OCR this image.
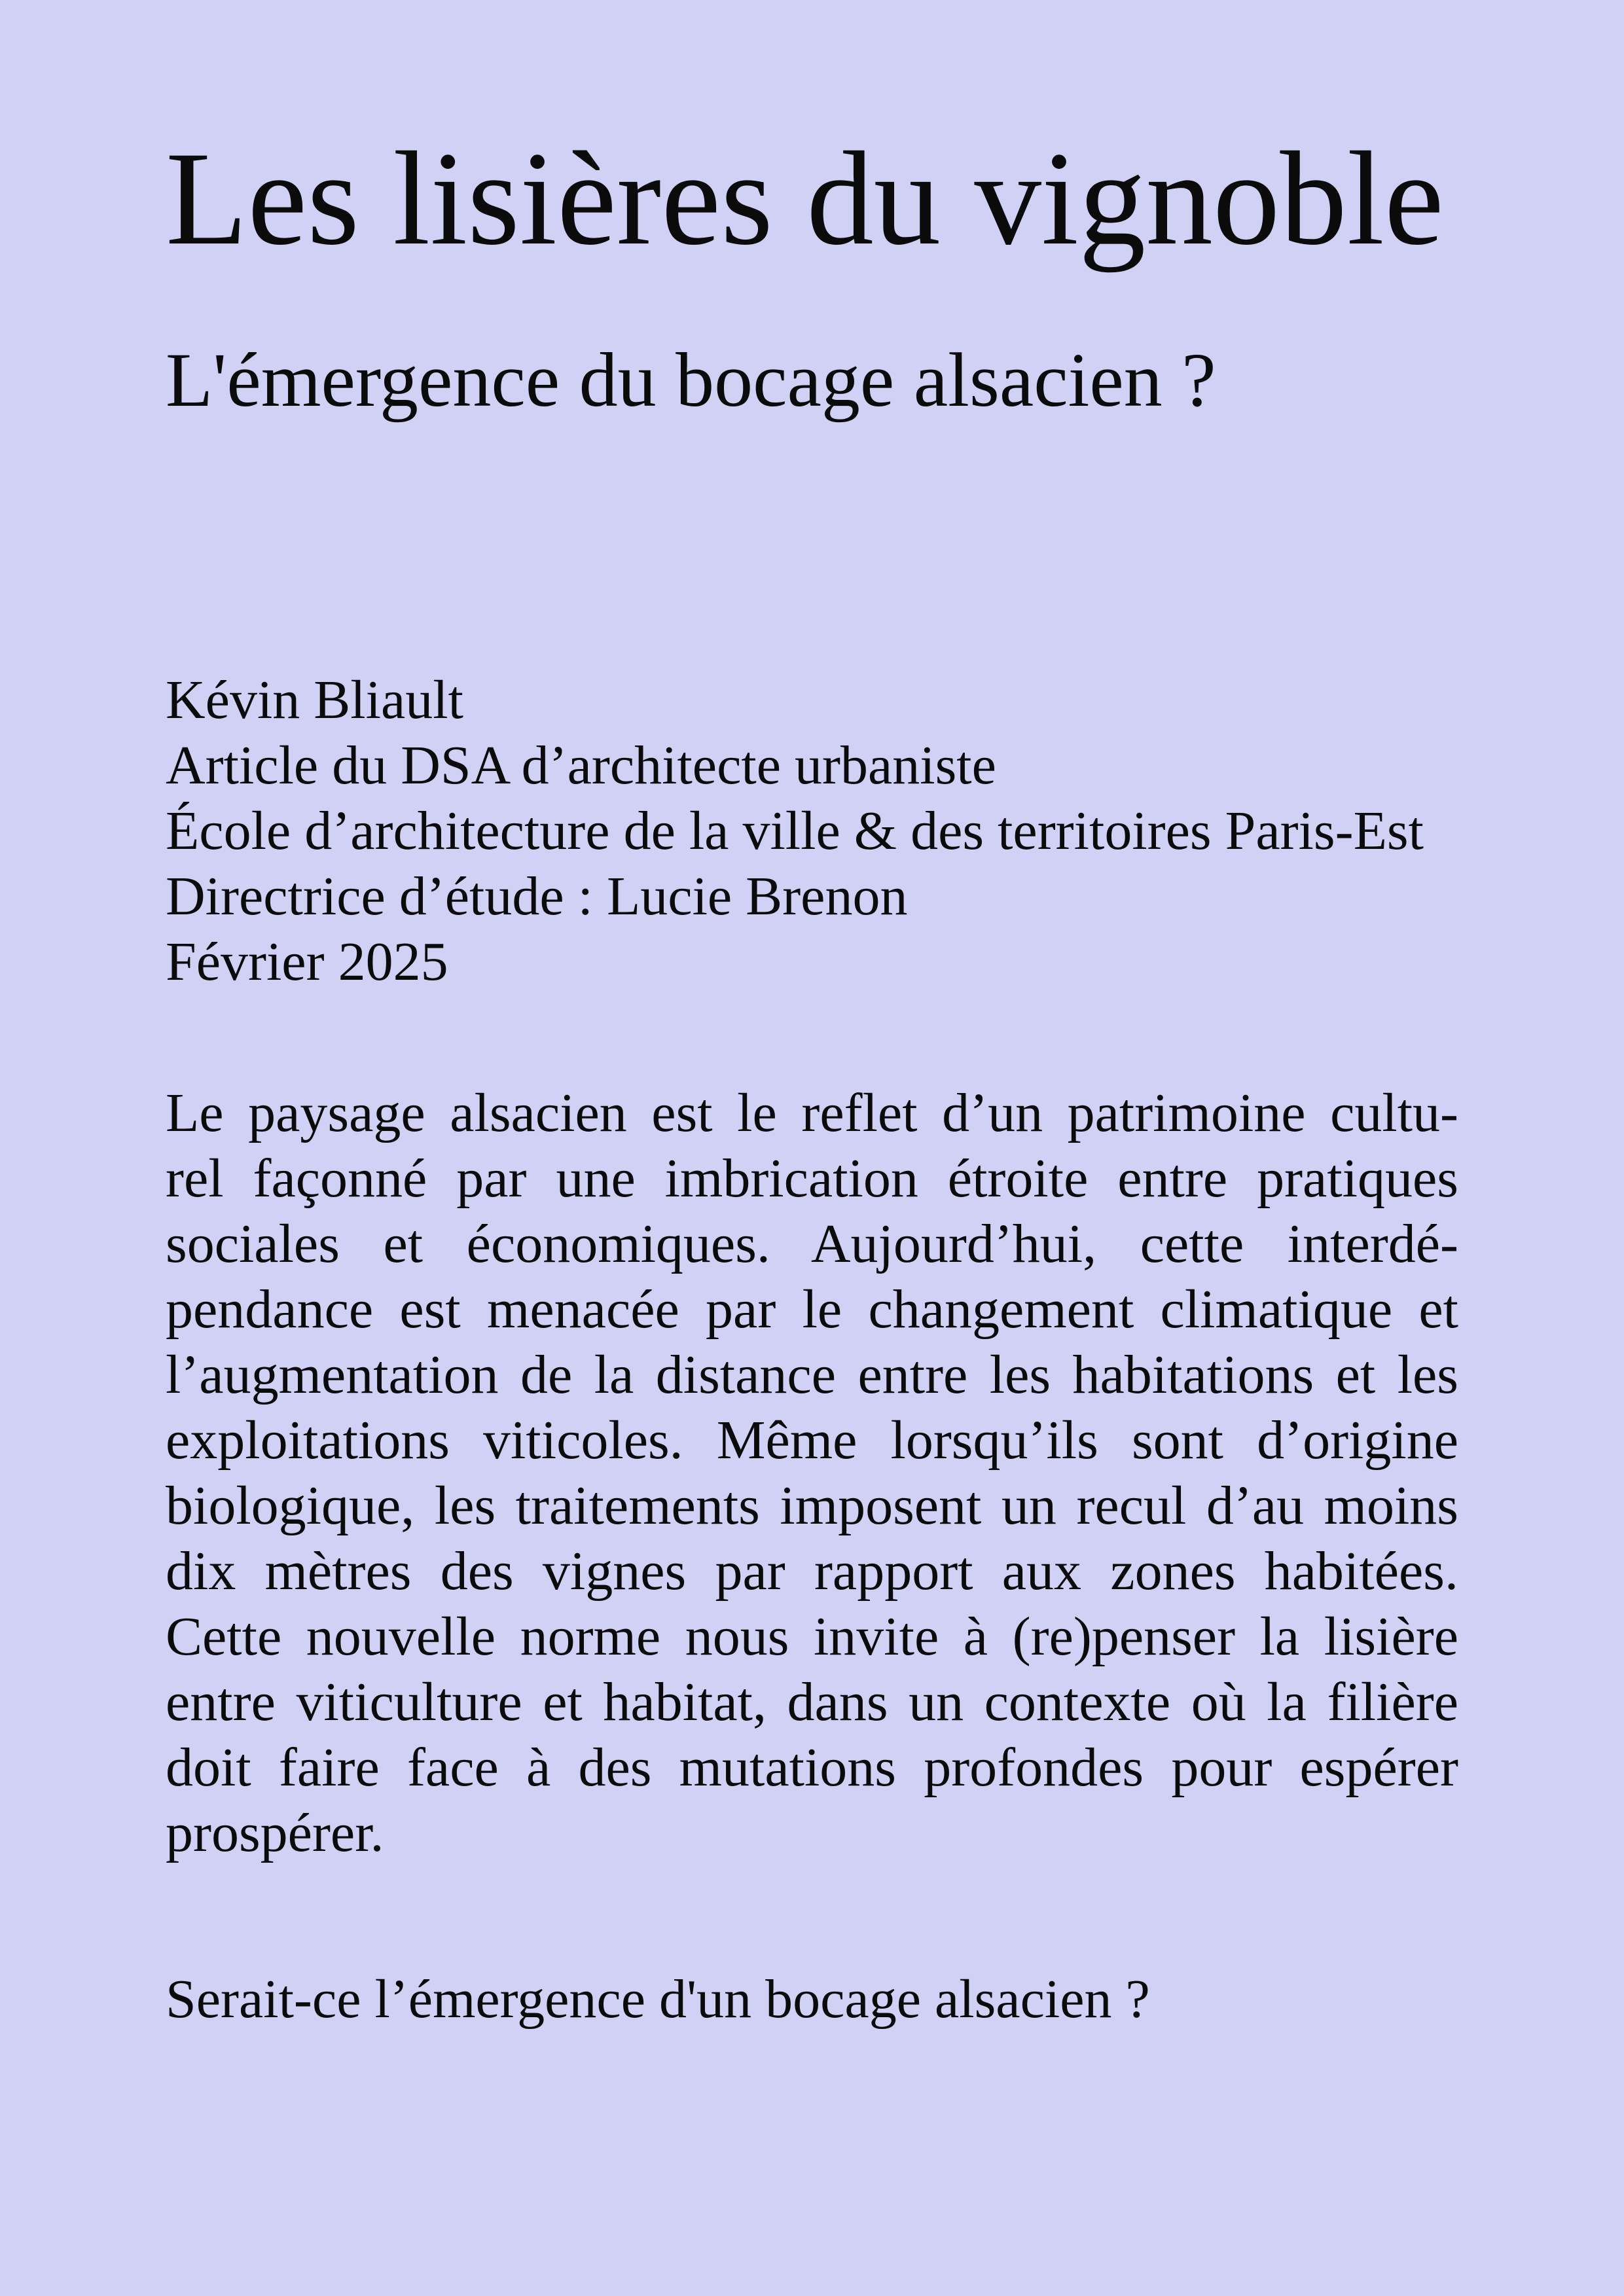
Les lisières du vignoble
L'émergence du bocage alsacien ?
Kévin Bliault
Article du DSA d’architecte urbaniste
École d’architecture de la ville & des territoires Paris-Est
Directrice d’étude : Lucie Brenon
Février 2025
Le paysage alsacien est le reflet d’un patrimoine cultu-
rel façonné par une imbrication étroite entre pratiques
sociales et économiques. Aujourd’hui, cette interdé-
pendance est menacée par le changement climatique et
l’augmentation de la distance entre les habitations et les
exploitations viticoles. Même lorsqu’ils sont d’origine
biologique, les traitements imposent un recul d’au moins
dix mètres des vignes par rapport aux zones habitées.
Cette nouvelle norme nous invite à (re)penser la lisière
entre viticulture et habitat, dans un contexte où la filière
doit faire face à des mutations profondes pour espérer
prospérer.
Serait-ce l’émergence d'un bocage alsacien ?
